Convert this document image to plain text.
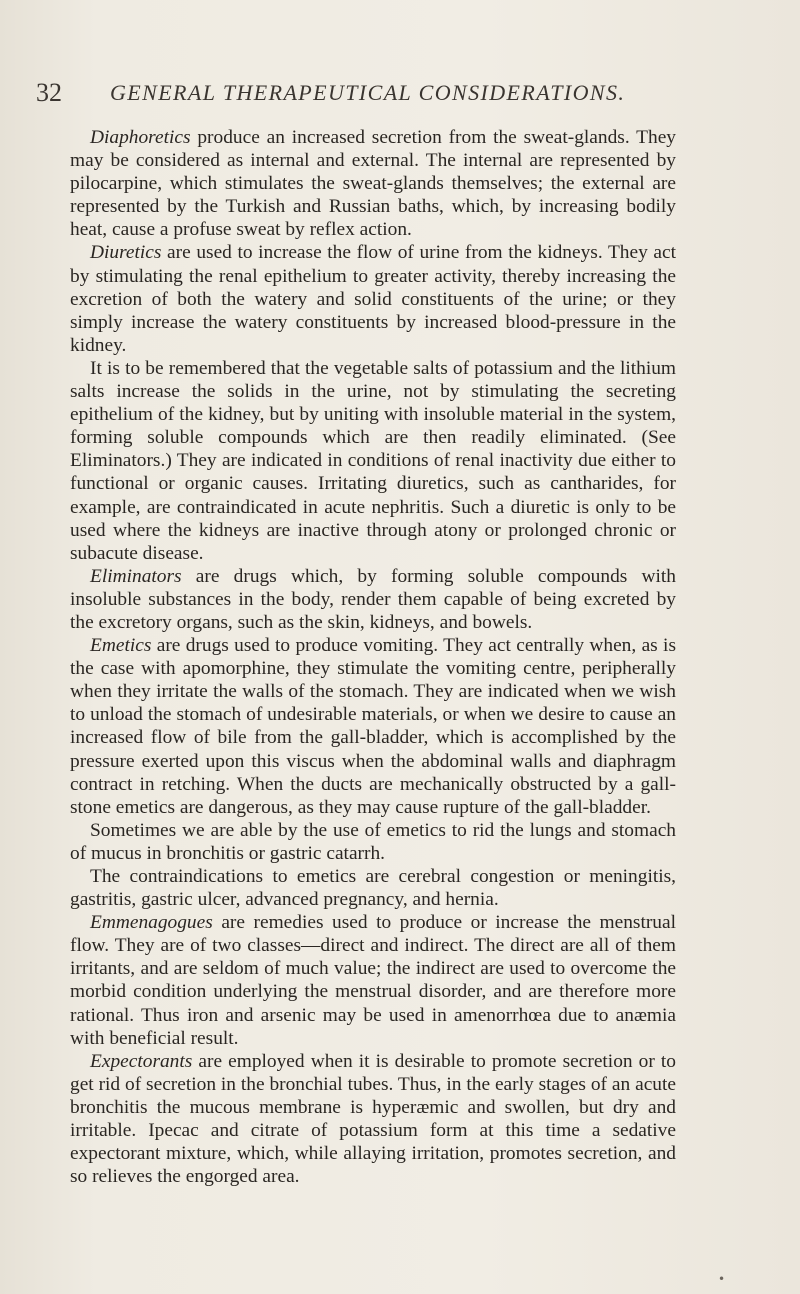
32 GENERAL THERAPEUTICAL CONSIDERATIONS.

Diaphoretics produce an increased secretion from the sweat-glands. They may be considered as internal and external. The internal are represented by pilocarpine, which stimulates the sweat-glands themselves; the external are represented by the Turkish and Russian baths, which, by increasing bodily heat, cause a profuse sweat by reflex action.

Diuretics are used to increase the flow of urine from the kidneys. They act by stimulating the renal epithelium to greater activity, thereby increasing the excretion of both the watery and solid constituents of the urine; or they simply increase the watery constituents by increased blood-pressure in the kidney.

It is to be remembered that the vegetable salts of potassium and the lithium salts increase the solids in the urine, not by stimulating the secreting epithelium of the kidney, but by uniting with insoluble material in the system, forming soluble compounds which are then readily eliminated. (See Eliminators.) They are indicated in conditions of renal inactivity due either to functional or organic causes. Irritating diuretics, such as cantharides, for example, are contraindicated in acute nephritis. Such a diuretic is only to be used where the kidneys are inactive through atony or prolonged chronic or subacute disease.

Eliminators are drugs which, by forming soluble compounds with insoluble substances in the body, render them capable of being excreted by the excretory organs, such as the skin, kidneys, and bowels.

Emetics are drugs used to produce vomiting. They act centrally when, as is the case with apomorphine, they stimulate the vomiting centre, peripherally when they irritate the walls of the stomach. They are indicated when we wish to unload the stomach of undesirable materials, or when we desire to cause an increased flow of bile from the gall-bladder, which is accomplished by the pressure exerted upon this viscus when the abdominal walls and diaphragm contract in retching. When the ducts are mechanically obstructed by a gall-stone emetics are dangerous, as they may cause rupture of the gall-bladder.

Sometimes we are able by the use of emetics to rid the lungs and stomach of mucus in bronchitis or gastric catarrh.

The contraindications to emetics are cerebral congestion or meningitis, gastritis, gastric ulcer, advanced pregnancy, and hernia.

Emmenagogues are remedies used to produce or increase the menstrual flow. They are of two classes—direct and indirect. The direct are all of them irritants, and are seldom of much value; the indirect are used to overcome the morbid condition underlying the menstrual disorder, and are therefore more rational. Thus iron and arsenic may be used in amenorrhœa due to anæmia with beneficial result.

Expectorants are employed when it is desirable to promote secretion or to get rid of secretion in the bronchial tubes. Thus, in the early stages of an acute bronchitis the mucous membrane is hyperæmic and swollen, but dry and irritable. Ipecac and citrate of potassium form at this time a sedative expectorant mixture, which, while allaying irritation, promotes secretion, and so relieves the engorged area.

•
